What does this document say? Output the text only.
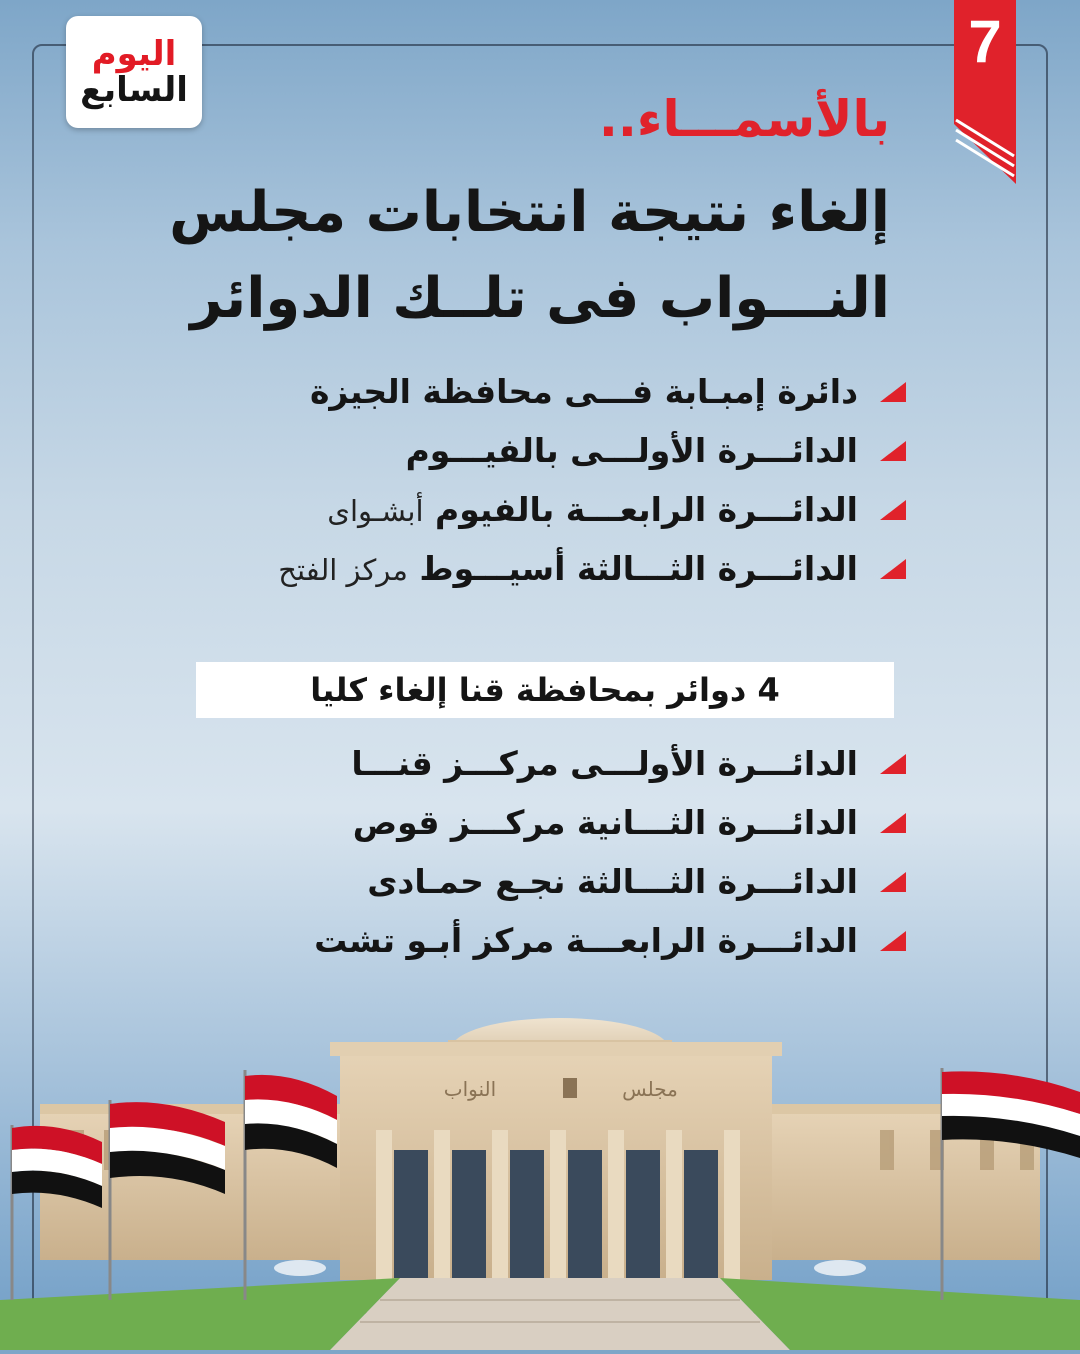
اليوم
السابع
7
بالأسمـــاء..
إلغاء نتيجة انتخابات مجلس
النـــواب فى تلــك الدوائر
دائرة إمبـابة فـــى محافظة الجيزة
الدائـــرة الأولـــى بالفيـــوم
الدائـــرة الرابعـــة بالفيوم أبشـواى
الدائـــرة الثـــالثة أسيـــوط مركز الفتح
4 دوائر بمحافظة قنا إلغاء كليا
الدائـــرة الأولـــى مركـــز قنـــا
الدائـــرة الثـــانية مركـــز قوص
الدائـــرة الثـــالثة نجـع حمـادى
الدائـــرة الرابعـــة مركز أبـو تشت
النواب	مجلس
